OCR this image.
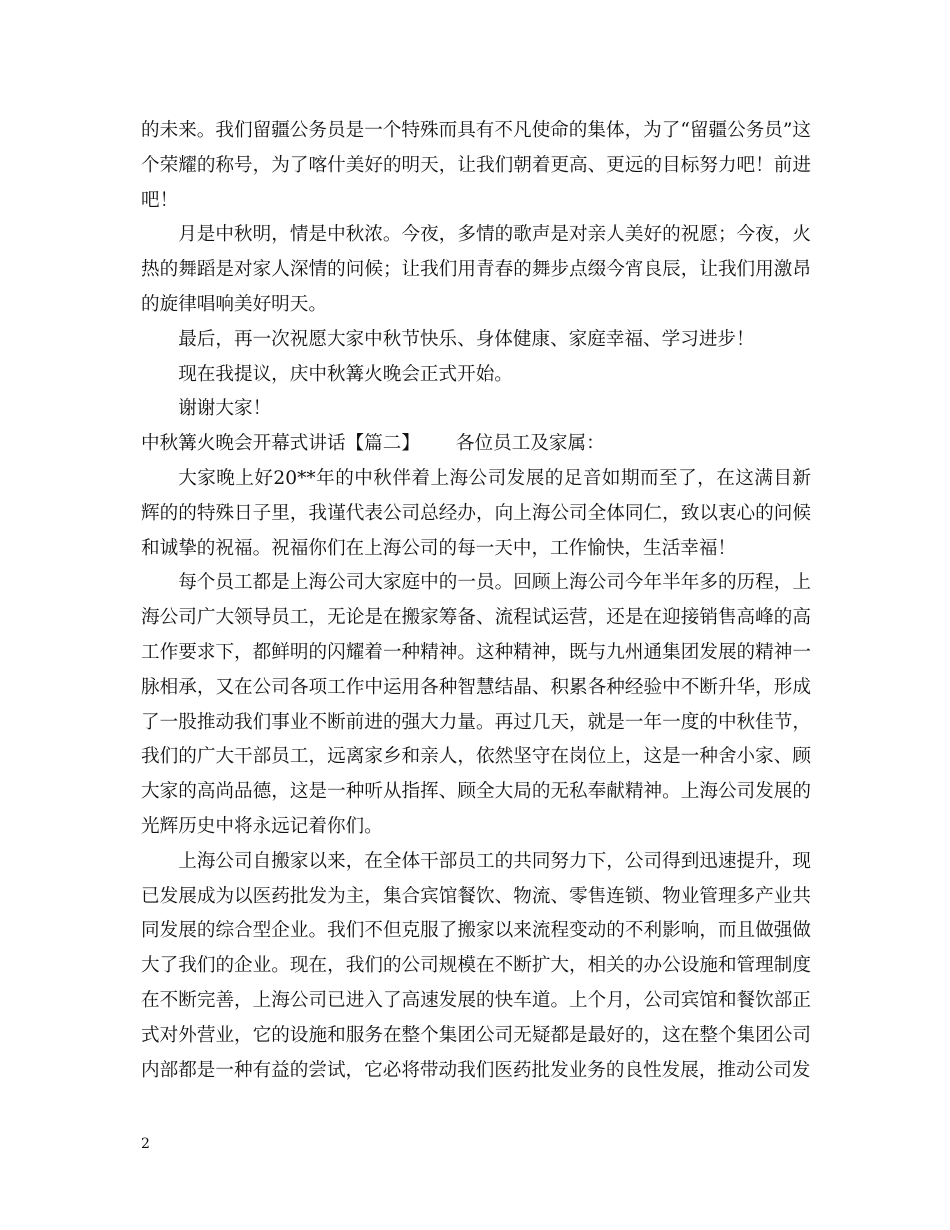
的未来。我们留疆公务员是一个特殊而具有不凡使命的集体，为了“留疆公务员”这个荣耀的称号，为了喀什美好的明天，让我们朝着更高、更远的目标努力吧！前进吧！

月是中秋明，情是中秋浓。今夜，多情的歌声是对亲人美好的祝愿；今夜，火热的舞蹈是对家人深情的问候；让我们用青春的舞步点缀今宵良辰，让我们用激昂的旋律唱响美好明天。

最后，再一次祝愿大家中秋节快乐、身体健康、家庭幸福、学习进步！

现在我提议，庆中秋篝火晚会正式开始。

谢谢大家！

中秋篝火晚会开幕式讲话【篇二】 各位员工及家属：

大家晚上好20**年的中秋伴着上海公司发展的足音如期而至了，在这满目新辉的的特殊日子里，我谨代表公司总经办，向上海公司全体同仁，致以衷心的问候和诚挚的祝福。祝福你们在上海公司的每一天中，工作愉快，生活幸福！

每个员工都是上海公司大家庭中的一员。回顾上海公司今年半年多的历程，上海公司广大领导员工，无论是在搬家筹备、流程试运营，还是在迎接销售高峰的高工作要求下，都鲜明的闪耀着一种精神。这种精神，既与九州通集团发展的精神一脉相承，又在公司各项工作中运用各种智慧结晶、积累各种经验中不断升华，形成了一股推动我们事业不断前进的强大力量。再过几天，就是一年一度的中秋佳节，我们的广大干部员工，远离家乡和亲人，依然坚守在岗位上，这是一种舍小家、顾大家的高尚品德，这是一种听从指挥、顾全大局的无私奉献精神。上海公司发展的光辉历史中将永远记着你们。

上海公司自搬家以来，在全体干部员工的共同努力下，公司得到迅速提升，现已发展成为以医药批发为主，集合宾馆餐饮、物流、零售连锁、物业管理多产业共同发展的综合型企业。我们不但克服了搬家以来流程变动的不利影响，而且做强做大了我们的企业。现在，我们的公司规模在不断扩大，相关的办公设施和管理制度在不断完善，上海公司已进入了高速发展的快车道。上个月，公司宾馆和餐饮部正式对外营业，它的设施和服务在整个集团公司无疑都是最好的，这在整个集团公司内部都是一种有益的尝试，它必将带动我们医药批发业务的良性发展，推动公司发

2
